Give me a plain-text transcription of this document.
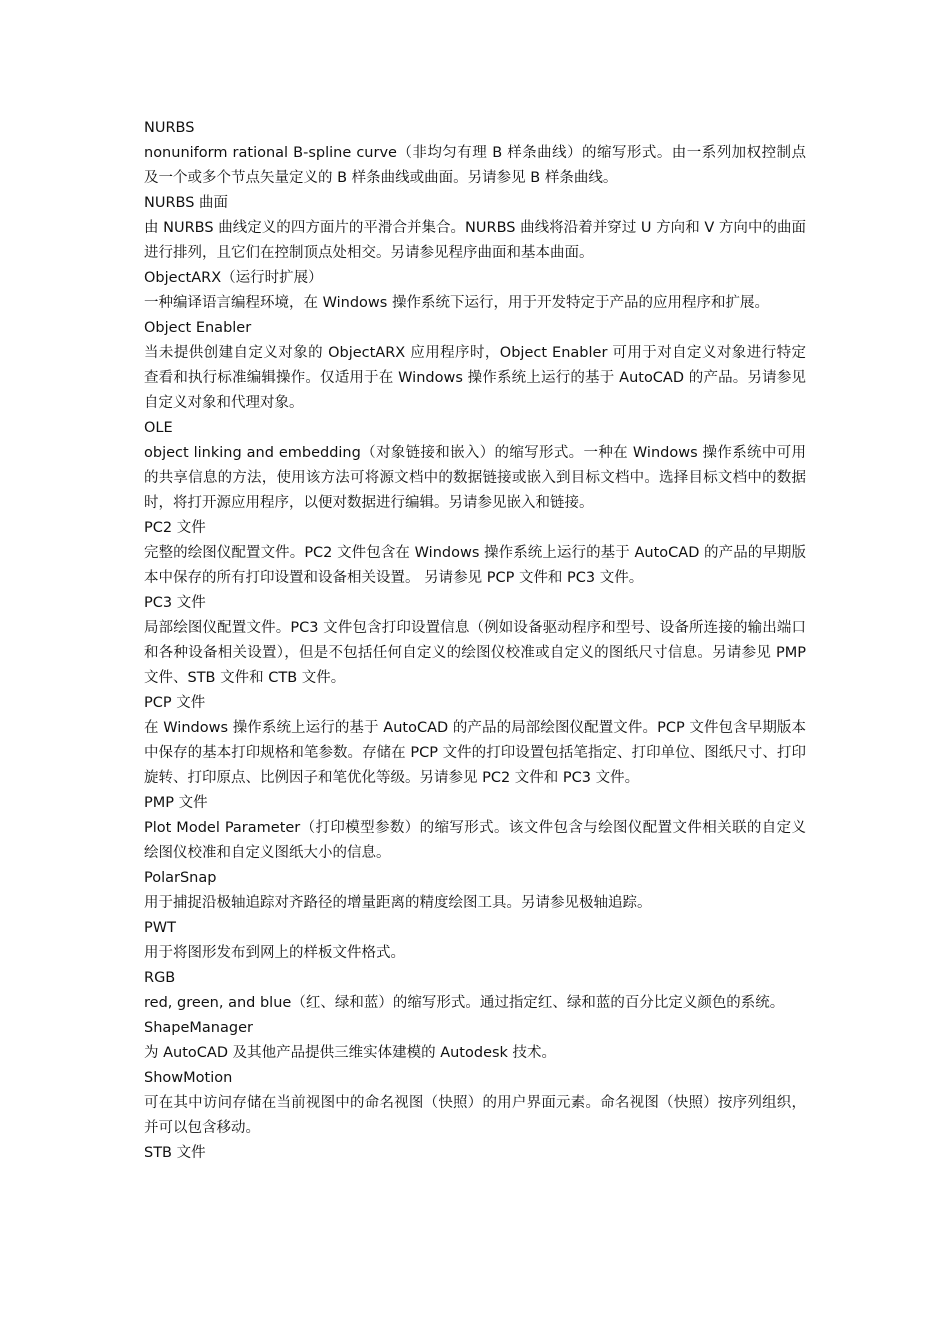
NURBS

nonuniform rational B-spline curve（非均匀有理 B 样条曲线）的缩写形式。由一系列加权控制点及一个或多个节点矢量定义的 B 样条曲线或曲面。另请参见 B 样条曲线。

NURBS 曲面

由 NURBS 曲线定义的四方面片的平滑合并集合。NURBS 曲线将沿着并穿过 U 方向和 V 方向中的曲面进行排列，且它们在控制顶点处相交。另请参见程序曲面和基本曲面。

ObjectARX（运行时扩展）

一种编译语言编程环境，在 Windows 操作系统下运行，用于开发特定于产品的应用程序和扩展。

Object Enabler

当未提供创建自定义对象的 ObjectARX 应用程序时，Object Enabler 可用于对自定义对象进行特定查看和执行标准编辑操作。仅适用于在 Windows 操作系统上运行的基于 AutoCAD 的产品。另请参见自定义对象和代理对象。

OLE

object linking and embedding（对象链接和嵌入）的缩写形式。一种在 Windows 操作系统中可用的共享信息的方法，使用该方法可将源文档中的数据链接或嵌入到目标文档中。选择目标文档中的数据时，将打开源应用程序，以便对数据进行编辑。另请参见嵌入和链接。

PC2 文件

完整的绘图仪配置文件。PC2 文件包含在 Windows 操作系统上运行的基于 AutoCAD 的产品的早期版本中保存的所有打印设置和设备相关设置。 另请参见 PCP 文件和 PC3 文件。

PC3 文件

局部绘图仪配置文件。PC3 文件包含打印设置信息（例如设备驱动程序和型号、设备所连接的输出端口和各种设备相关设置），但是不包括任何自定义的绘图仪校准或自定义的图纸尺寸信息。另请参见 PMP 文件、STB 文件和 CTB 文件。

PCP 文件

在 Windows 操作系统上运行的基于 AutoCAD 的产品的局部绘图仪配置文件。PCP 文件包含早期版本中保存的基本打印规格和笔参数。存储在 PCP 文件的打印设置包括笔指定、打印单位、图纸尺寸、打印旋转、打印原点、比例因子和笔优化等级。另请参见 PC2 文件和 PC3 文件。

PMP 文件

Plot Model Parameter（打印模型参数）的缩写形式。该文件包含与绘图仪配置文件相关联的自定义绘图仪校准和自定义图纸大小的信息。

PolarSnap

用于捕捉沿极轴追踪对齐路径的增量距离的精度绘图工具。另请参见极轴追踪。

PWT

用于将图形发布到网上的样板文件格式。

RGB

red, green, and blue（红、绿和蓝）的缩写形式。通过指定红、绿和蓝的百分比定义颜色的系统。

ShapeManager

为 AutoCAD 及其他产品提供三维实体建模的 Autodesk 技术。

ShowMotion

可在其中访问存储在当前视图中的命名视图（快照）的用户界面元素。命名视图（快照）按序列组织，并可以包含移动。

STB 文件
